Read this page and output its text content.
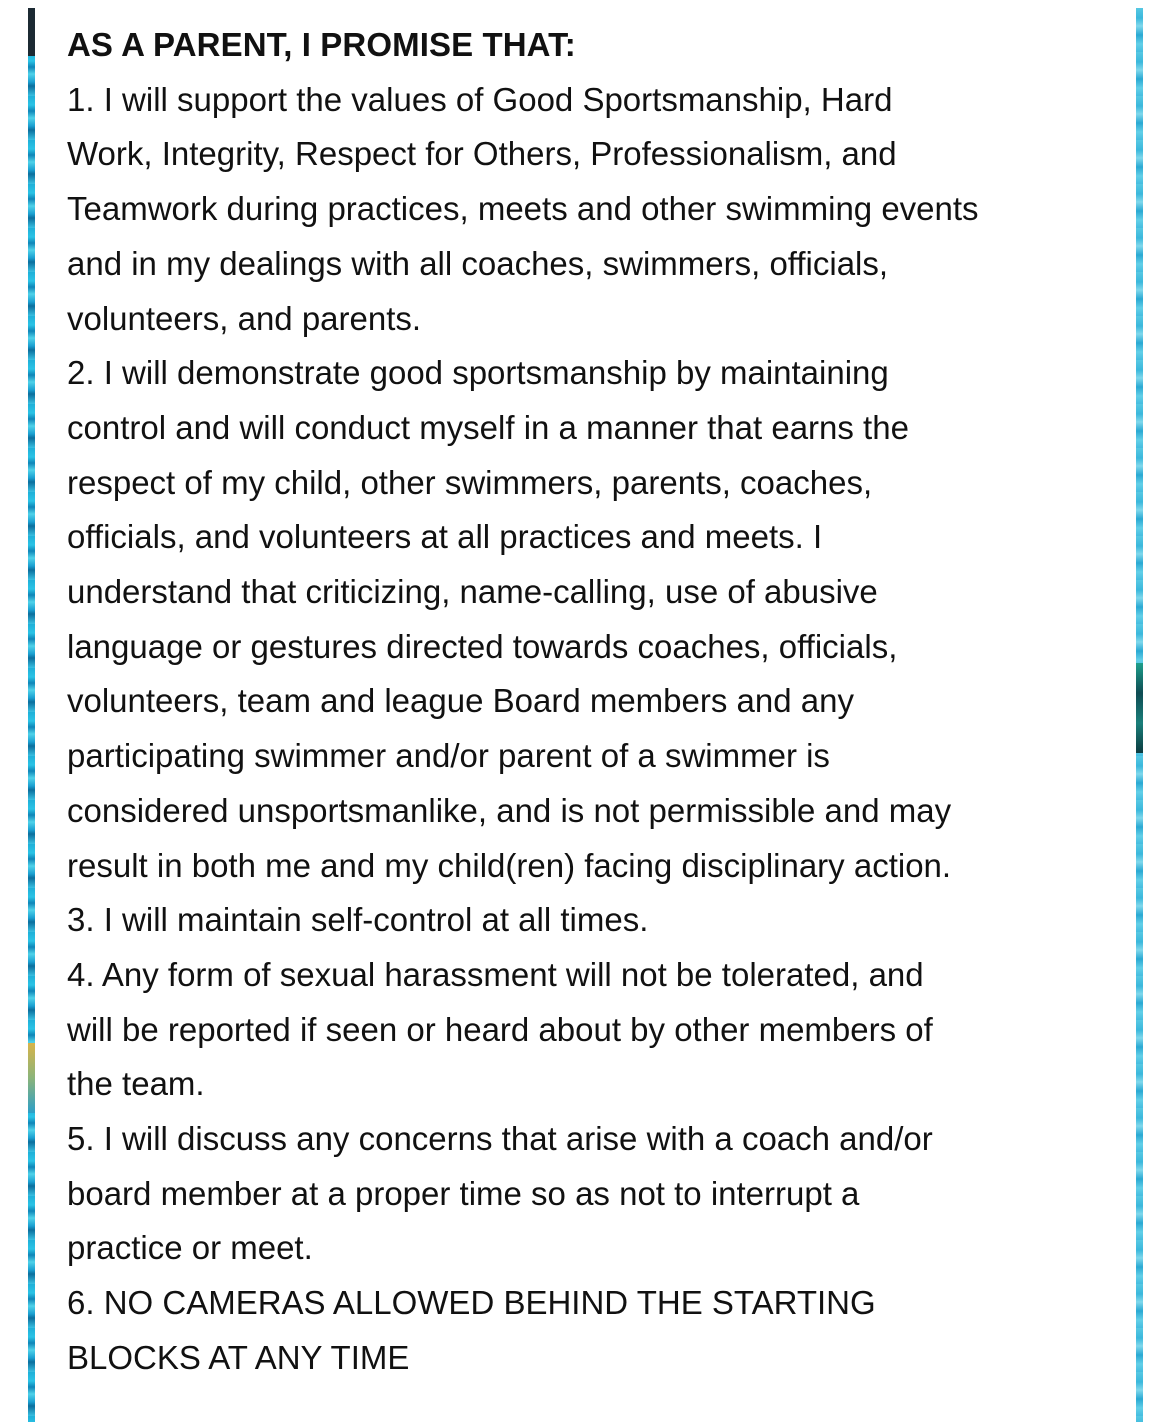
AS A PARENT, I PROMISE THAT:
1. I will support the values of Good Sportsmanship, Hard
Work, Integrity, Respect for Others, Professionalism, and
Teamwork during practices, meets and other swimming events
and in my dealings with all coaches, swimmers, officials,
volunteers, and parents.
2. I will demonstrate good sportsmanship by maintaining
control and will conduct myself in a manner that earns the
respect of my child, other swimmers, parents, coaches,
officials, and volunteers at all practices and meets. I
understand that criticizing, name-calling, use of abusive
language or gestures directed towards coaches, officials,
volunteers, team and league Board members and any
participating swimmer and/or parent of a swimmer is
considered unsportsmanlike, and is not permissible and may
result in both me and my child(ren) facing disciplinary action.
3. I will maintain self-control at all times.
4. Any form of sexual harassment will not be tolerated, and
will be reported if seen or heard about by other members of
the team.
5. I will discuss any concerns that arise with a coach and/or
board member at a proper time so as not to interrupt a
practice or meet.
6. NO CAMERAS ALLOWED BEHIND THE STARTING
BLOCKS AT ANY TIME
